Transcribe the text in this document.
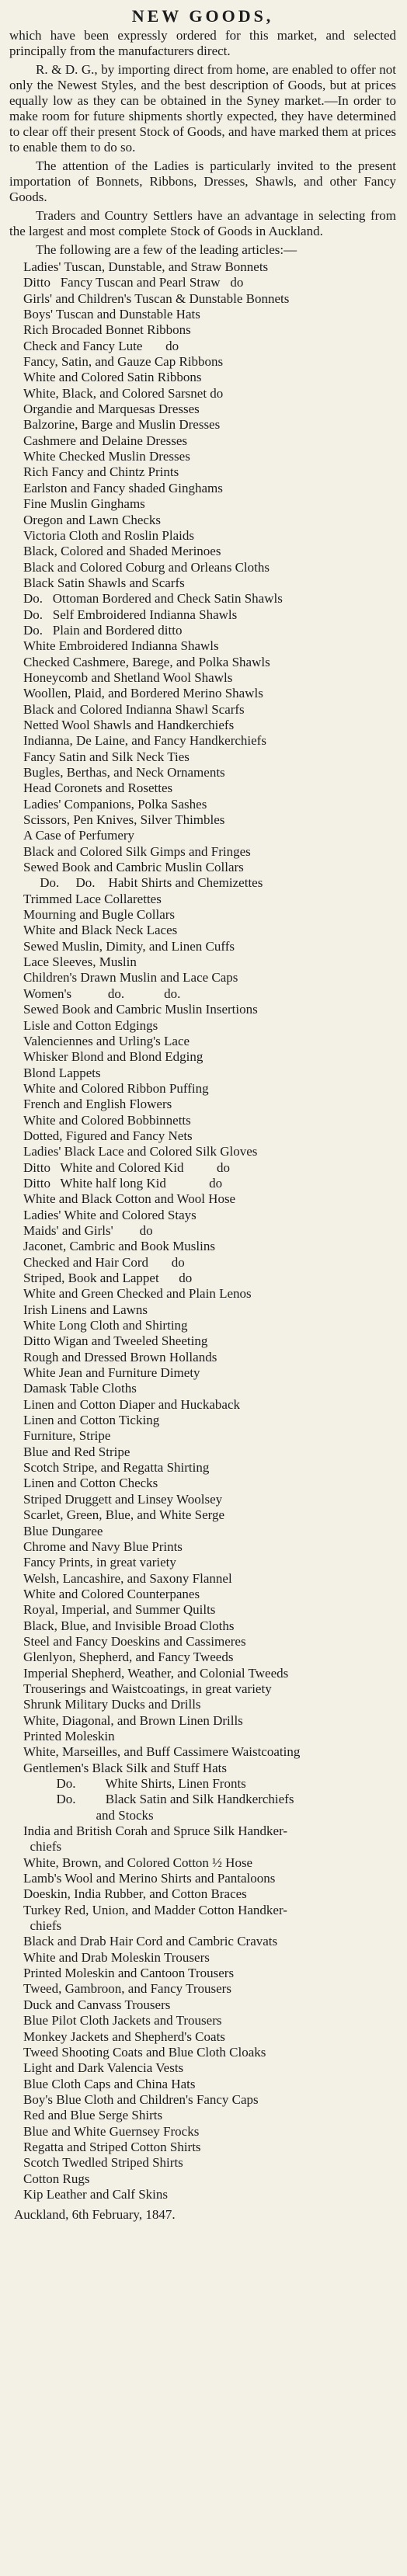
NEW GOODS,

which have been expressly ordered for this market, and selected principally from the manufacturers direct.

R. & D. G., by importing direct from home, are enabled to offer not only the Newest Styles, and the best description of Goods, but at prices equally low as they can be obtained in the Syney market.—In order to make room for future shipments shortly expected, they have determined to clear off their present Stock of Goods, and have marked them at prices to enable them to do so.

The attention of the Ladies is particularly invited to the present importation of Bonnets, Ribbons, Dresses, Shawls, and other Fancy Goods.

Traders and Country Settlers have an advantage in selecting from the largest and most complete Stock of Goods in Auckland.

The following are a few of the leading articles:—

Ladies' Tuscan, Dunstable, and Straw Bonnets
Ditto   Fancy Tuscan and Pearl Straw   do
Girls' and Children's Tuscan & Dunstable Bonnets
Boys' Tuscan and Dunstable Hats
Rich Brocaded Bonnet Ribbons
Check and Fancy Lute       do
Fancy, Satin, and Gauze Cap Ribbons
White and Colored Satin Ribbons
White, Black, and Colored Sarsnet do
Organdie and Marquesas Dresses
Balzorine, Barge and Muslin Dresses
Cashmere and Delaine Dresses
White Checked Muslin Dresses
Rich Fancy and Chintz Prints
Earlston and Fancy shaded Ginghams
Fine Muslin Ginghams
Oregon and Lawn Checks
Victoria Cloth and Roslin Plaids
Black, Colored and Shaded Merinoes
Black and Colored Coburg and Orleans Cloths
Black Satin Shawls and Scarfs
Do.   Ottoman Bordered and Check Satin Shawls
Do.   Self Embroidered Indianna Shawls
Do.   Plain and Bordered ditto
White Embroidered Indianna Shawls
Checked Cashmere, Barege, and Polka Shawls
Honeycomb and Shetland Wool Shawls
Woollen, Plaid, and Bordered Merino Shawls
Black and Colored Indianna Shawl Scarfs
Netted Wool Shawls and Handkerchiefs
Indianna, De Laine, and Fancy Handkerchiefs
Fancy Satin and Silk Neck Ties
Bugles, Berthas, and Neck Ornaments
Head Coronets and Rosettes
Ladies' Companions, Polka Sashes
Scissors, Pen Knives, Silver Thimbles
A Case of Perfumery
Black and Colored Silk Gimps and Fringes
Sewed Book and Cambric Muslin Collars
Do.     Do.    Habit Shirts and Chemizettes
Trimmed Lace Collarettes
Mourning and Bugle Collars
White and Black Neck Laces
Sewed Muslin, Dimity, and Linen Cuffs
Lace Sleeves, Muslin
Children's Drawn Muslin and Lace Caps
Women's           do.            do.
Sewed Book and Cambric Muslin Insertions
Lisle and Cotton Edgings
Valenciennes and Urling's Lace
Whisker Blond and Blond Edging
Blond Lappets
White and Colored Ribbon Puffing
French and English Flowers
White and Colored Bobbinnetts
Dotted, Figured and Fancy Nets
Ladies' Black Lace and Colored Silk Gloves
Ditto   White and Colored Kid          do
Ditto   White half long Kid             do
White and Black Cotton and Wool Hose
Ladies' White and Colored Stays
Maids' and Girls'        do
Jaconet, Cambric and Book Muslins
Checked and Hair Cord       do
Striped, Book and Lappet      do
White and Green Checked and Plain Lenos
Irish Linens and Lawns
White Long Cloth and Shirting
Ditto Wigan and Tweeled Sheeting
Rough and Dressed Brown Hollands
White Jean and Furniture Dimety
Damask Table Cloths
Linen and Cotton Diaper and Huckaback
Linen and Cotton Ticking
Furniture, Stripe
Blue and Red Stripe
Scotch Stripe, and Regatta Shirting
Linen and Cotton Checks
Striped Druggett and Linsey Woolsey
Scarlet, Green, Blue, and White Serge
Blue Dungaree
Chrome and Navy Blue Prints
Fancy Prints, in great variety
Welsh, Lancashire, and Saxony Flannel
White and Colored Counterpanes
Royal, Imperial, and Summer Quilts
Black, Blue, and Invisible Broad Cloths
Steel and Fancy Doeskins and Cassimeres
Glenlyon, Shepherd, and Fancy Tweeds
Imperial Shepherd, Weather, and Colonial Tweeds
Trouserings and Waistcoatings, in great variety
Shrunk Military Ducks and Drills
White, Diagonal, and Brown Linen Drills
Printed Moleskin
White, Marseilles, and Buff Cassimere Waistcoating
Gentlemen's Black Silk and Stuff Hats
Do.         White Shirts, Linen Fronts
Do.         Black Satin and Silk Handkerchiefs
and Stocks
India and British Corah and Spruce Silk Handker-
chiefs
White, Brown, and Colored Cotton ½ Hose
Lamb's Wool and Merino Shirts and Pantaloons
Doeskin, India Rubber, and Cotton Braces
Turkey Red, Union, and Madder Cotton Handker-
chiefs
Black and Drab Hair Cord and Cambric Cravats
White and Drab Moleskin Trousers
Printed Moleskin and Cantoon Trousers
Tweed, Gambroon, and Fancy Trousers
Duck and Canvass Trousers
Blue Pilot Cloth Jackets and Trousers
Monkey Jackets and Shepherd's Coats
Tweed Shooting Coats and Blue Cloth Cloaks
Light and Dark Valencia Vests
Blue Cloth Caps and China Hats
Boy's Blue Cloth and Children's Fancy Caps
Red and Blue Serge Shirts
Blue and White Guernsey Frocks
Regatta and Striped Cotton Shirts
Scotch Twedled Striped Shirts
Cotton Rugs
Kip Leather and Calf Skins

Auckland, 6th February, 1847.
